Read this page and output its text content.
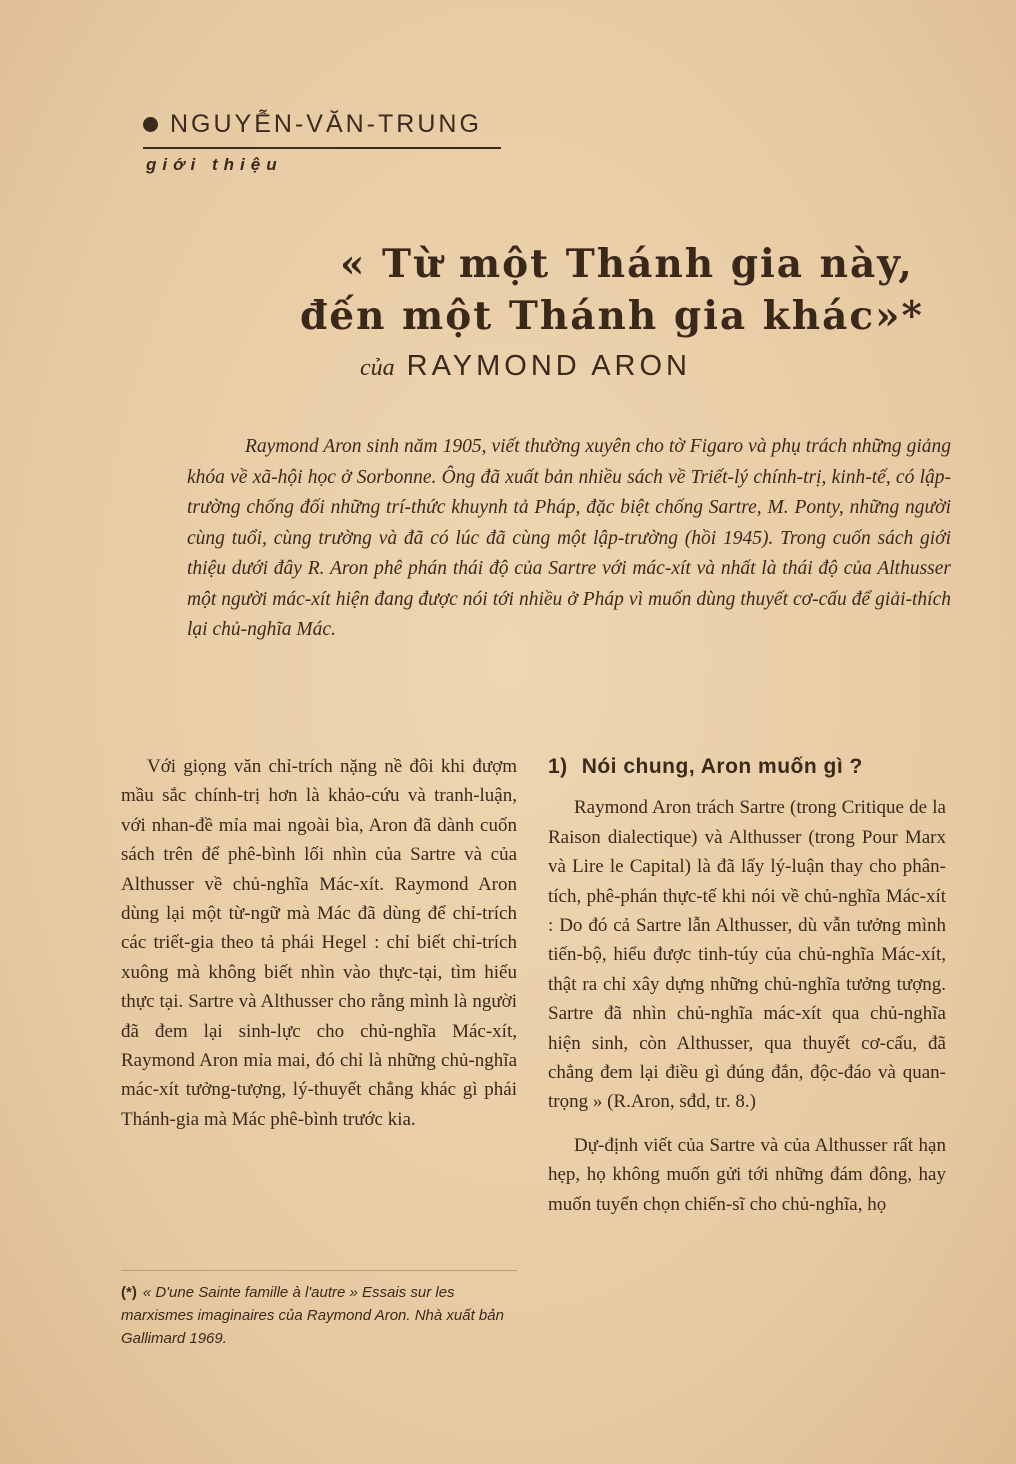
NGUYỄN-VĂN-TRUNG
giới thiệu
« Từ một Thánh gia này,
đến một Thánh gia khác»*
của RAYMOND ARON
Raymond Aron sinh năm 1905, viết thường xuyên cho tờ Figaro và phụ trách những giảng khóa về xã-hội học ở Sorbonne. Ông đã xuất bản nhiều sách về Triết-lý chính-trị, kinh-tế, có lập-trường chống đối những trí-thức khuynh tả Pháp, đặc biệt chống Sartre, M. Ponty, những người cùng tuổi, cùng trường và đã có lúc đã cùng một lập-trường (hồi 1945). Trong cuốn sách giới thiệu dưới đây R. Aron phê phán thái độ của Sartre với mác-xít và nhất là thái độ của Althusser một người mác-xít hiện đang được nói tới nhiều ở Pháp vì muốn dùng thuyết cơ-cấu để giải-thích lại chủ-nghĩa Mác.
Với giọng văn chỉ-trích nặng nề đôi khi đượm mầu sắc chính-trị hơn là khảo-cứu và tranh-luận, với nhan-đề mỉa mai ngoài bìa, Aron đã dành cuốn sách trên để phê-bình lối nhìn của Sartre và của Althusser về chủ-nghĩa Mác-xít. Raymond Aron dùng lại một từ-ngữ mà Mác đã dùng để chỉ-trích các triết-gia theo tả phái Hegel : chỉ biết chỉ-trích xuông mà không biết nhìn vào thực-tại, tìm hiểu thực tại. Sartre và Althusser cho rằng mình là người đã đem lại sinh-lực cho chủ-nghĩa Mác-xít, Raymond Aron mỉa mai, đó chỉ là những chủ-nghĩa mác-xít tưởng-tượng, lý-thuyết chẳng khác gì phái Thánh-gia mà Mác phê-bình trước kia.
(*) « D'une Sainte famille à l'autre » Essais sur les marxismes imaginaires của Raymond Aron. Nhà xuất bản Gallimard 1969.
1) Nói chung, Aron muốn gì ?

Raymond Aron trách Sartre (trong Critique de la Raison dialectique) và Althusser (trong Pour Marx và Lire le Capital) là đã lấy lý-luận thay cho phân-tích, phê-phán thực-tế khi nói về chủ-nghĩa Mác-xít : Do đó cả Sartre lẫn Althusser, dù vẫn tưởng mình tiến-bộ, hiểu được tinh-túy của chủ-nghĩa Mác-xít, thật ra chỉ xây dựng những chủ-nghĩa tưởng tượng. Sartre đã nhìn chủ-nghĩa mác-xít qua chủ-nghĩa hiện sinh, còn Althusser, qua thuyết cơ-cấu, đã chẳng đem lại điều gì đúng đắn, độc-đáo và quan-trọng » (R.Aron, sđd, tr. 8.)

Dự-định viết của Sartre và của Althusser rất hạn hẹp, họ không muốn gửi tới những đám đông, hay muốn tuyển chọn chiến-sĩ cho chủ-nghĩa, họ
